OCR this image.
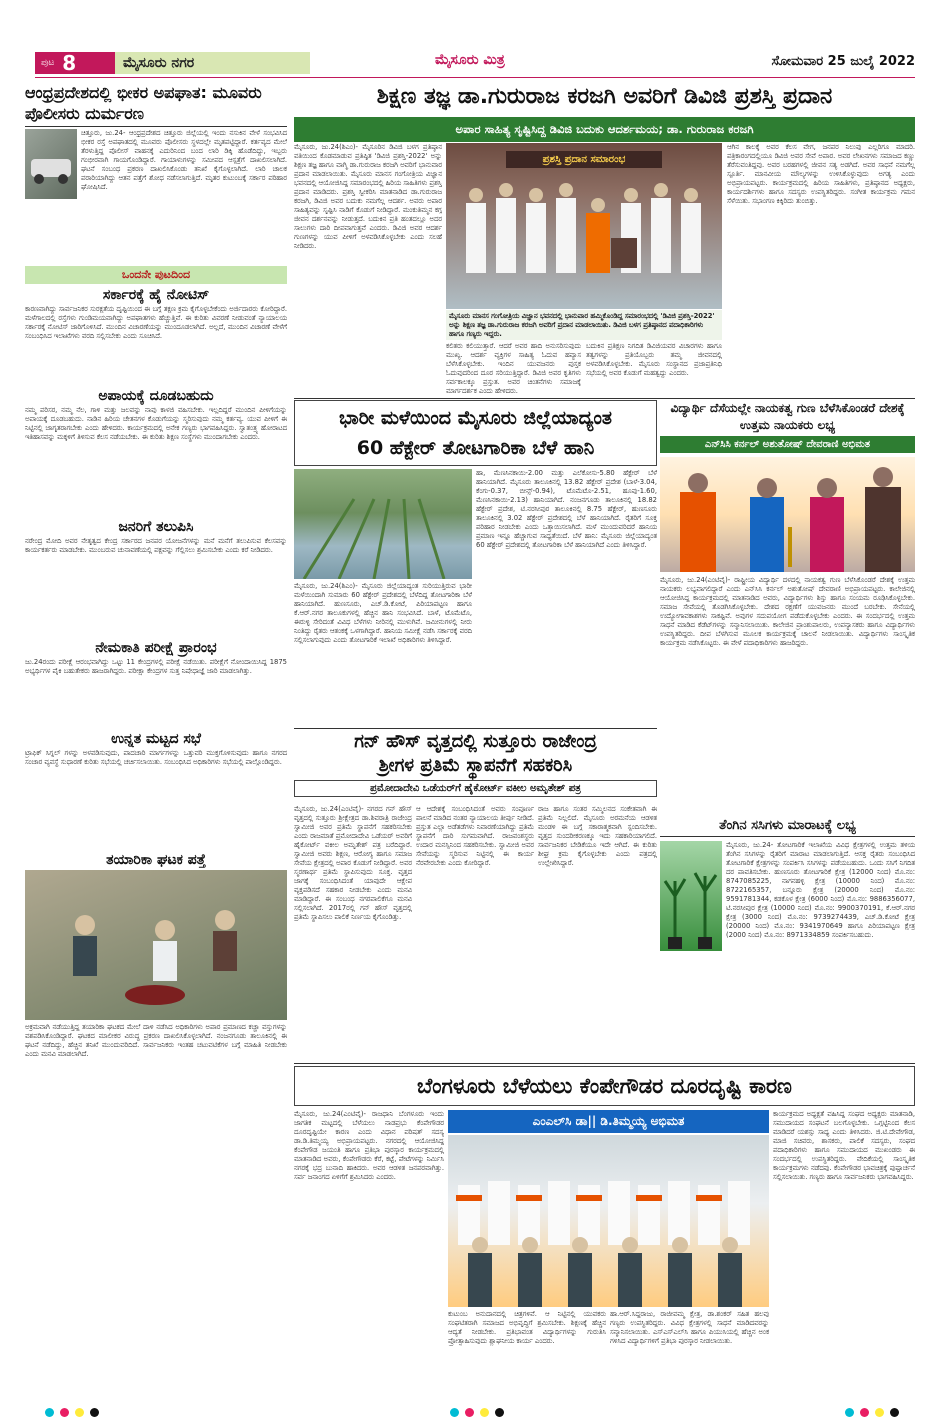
ಪುಟ 8	ಮೈಸೂರು ನಗರ	ಮೈಸೂರು ಮಿತ್ರ	ಸೋಮವಾರ 25 ಜುಲೈ 2022
ಆಂಧ್ರಪ್ರದೇಶದಲ್ಲಿ ಭೀಕರ ಅಪಘಾತ: ಮೂವರು ಪೊಲೀಸರು ದುರ್ಮರಣ
ಚಿತ್ತೂರು, ಜು.24- ಆಂಧ್ರಪ್ರದೇಶದ ಚಿತ್ತೂರು ಜಿಲ್ಲೆಯಲ್ಲಿ ಇಂದು ನಸುಕಿನ ವೇಳೆ ಸಂಭವಿಸಿದ ಭೀಕರ ರಸ್ತೆ ಅಪಘಾತದಲ್ಲಿ ಮೂವರು ಪೊಲೀಸರು ಸ್ಥಳದಲ್ಲೇ ಮೃತಪಟ್ಟಿದ್ದಾರೆ. ಕರ್ತವ್ಯದ ಮೇಲೆ ತೆರಳುತ್ತಿದ್ದ ಪೊಲೀಸ್ ವಾಹನಕ್ಕೆ ಎದುರಿನಿಂದ ಬಂದ ಲಾರಿ ಡಿಕ್ಕಿ ಹೊಡೆದಿದ್ದು, ಇಬ್ಬರು ಗಂಭೀರವಾಗಿ ಗಾಯಗೊಂಡಿದ್ದಾರೆ. ಗಾಯಾಳುಗಳನ್ನು ಸಮೀಪದ ಆಸ್ಪತ್ರೆಗೆ ದಾಖಲಿಸಲಾಗಿದೆ. ಘಟನೆ ಸಂಬಂಧ ಪ್ರಕರಣ ದಾಖಲಿಸಿಕೊಂಡು ತನಿಖೆ ಕೈಗೊಳ್ಳಲಾಗಿದೆ. ಲಾರಿ ಚಾಲಕ ಪರಾರಿಯಾಗಿದ್ದು ಆತನ ಪತ್ತೆಗೆ ಶೋಧ ನಡೆಸಲಾಗುತ್ತಿದೆ. ಮೃತರ ಕುಟುಂಬಕ್ಕೆ ಸರ್ಕಾರ ಪರಿಹಾರ ಘೋಷಿಸಿದೆ.
ಒಂದನೇ ಪುಟದಿಂದ
ಸರ್ಕಾರಕ್ಕೆ ಹೈ ನೋಟಿಸ್
ಕಾರಣವಾಗಿದ್ದು ಸಾರ್ವಜನಿಕರ ಸುರಕ್ಷತೆಯ ದೃಷ್ಟಿಯಿಂದ ಈ ಬಗ್ಗೆ ತಕ್ಷಣ ಕ್ರಮ ಕೈಗೊಳ್ಳಬೇಕೆಂದು ಅರ್ಜಿದಾರರು ಕೋರಿದ್ದಾರೆ. ಮಳೆಗಾಲದಲ್ಲಿ ರಸ್ತೆಗಳು ಗುಂಡಿಮಯವಾಗಿದ್ದು ಅಪಘಾತಗಳು ಹೆಚ್ಚುತ್ತಿವೆ. ಈ ಕುರಿತು ವಿವರಣೆ ನೀಡುವಂತೆ ನ್ಯಾಯಾಲಯ ಸರ್ಕಾರಕ್ಕೆ ನೋಟಿಸ್ ಜಾರಿಗೊಳಿಸಿದೆ. ಮುಂದಿನ ವಿಚಾರಣೆಯನ್ನು ಮುಂದೂಡಲಾಗಿದೆ. ಅಲ್ಲದೆ, ಮುಂದಿನ ವಿಚಾರಣೆ ವೇಳೆಗೆ ಸಂಬಂಧಿಸಿದ ಇಲಾಖೆಗಳು ವರದಿ ಸಲ್ಲಿಸಬೇಕು ಎಂದು ಸೂಚಿಸಿದೆ.
ಅಪಾಯಕ್ಕೆ ದೂಡಬಹುದು
ನಮ್ಮ ಪರಿಸರ, ನಮ್ಮ ನೆಲ, ಗಾಳಿ ಮತ್ತು ಜಲವನ್ನು ನಾವು ಕಾಳಜಿ ವಹಿಸಬೇಕು. ಇಲ್ಲದಿದ್ದರೆ ಮುಂದಿನ ಪೀಳಿಗೆಯನ್ನು ಅಪಾಯಕ್ಕೆ ದೂಡಬಹುದು. ನಾಡಿನ ಹಿರಿಯ ಚೇತನಗಳ ಕೊಡುಗೆಯನ್ನು ಸ್ಮರಿಸುವುದು ನಮ್ಮ ಕರ್ತವ್ಯ. ಯುವ ಪೀಳಿಗೆ ಈ ನಿಟ್ಟಿನಲ್ಲಿ ಜಾಗೃತರಾಗಬೇಕು ಎಂದು ಹೇಳಿದರು. ಕಾರ್ಯಕ್ರಮದಲ್ಲಿ ಅನೇಕ ಗಣ್ಯರು ಭಾಗವಹಿಸಿದ್ದರು. ಸ್ವಾತಂತ್ರ್ಯ ಹೋರಾಟದ ಇತಿಹಾಸವನ್ನು ಮಕ್ಕಳಿಗೆ ತಿಳಿಸುವ ಕೆಲಸ ನಡೆಯಬೇಕು. ಈ ಕುರಿತು ಶಿಕ್ಷಣ ಸಂಸ್ಥೆಗಳು ಮುಂದಾಗಬೇಕು ಎಂದರು.
ಜನರಿಗೆ ತಲುಪಿಸಿ
ನರೇಂದ್ರ ಮೋದಿ ಅವರ ನೇತೃತ್ವದ ಕೇಂದ್ರ ಸರ್ಕಾರದ ಜನಪರ ಯೋಜನೆಗಳನ್ನು ಮನೆ ಮನೆಗೆ ತಲುಪಿಸುವ ಕೆಲಸವನ್ನು ಕಾರ್ಯಕರ್ತರು ಮಾಡಬೇಕು. ಮುಂಬರುವ ಚುನಾವಣೆಯಲ್ಲಿ ಪಕ್ಷವನ್ನು ಗೆಲ್ಲಿಸಲು ಶ್ರಮಿಸಬೇಕು ಎಂದು ಕರೆ ನೀಡಿದರು.
ನೇಮಕಾತಿ ಪರೀಕ್ಷೆ ಪ್ರಾರಂಭ
ಜು.24ರಂದು ಪರೀಕ್ಷೆ ಆರಂಭವಾಗಿದ್ದು ಒಟ್ಟು 11 ಕೇಂದ್ರಗಳಲ್ಲಿ ಪರೀಕ್ಷೆ ನಡೆಯಿತು. ಪರೀಕ್ಷೆಗೆ ನೋಂದಾಯಿಸಿದ್ದ 1875 ಅಭ್ಯರ್ಥಿಗಳ ಪೈಕಿ ಬಹುತೇಕರು ಹಾಜರಾಗಿದ್ದರು. ಪರೀಕ್ಷಾ ಕೇಂದ್ರಗಳ ಸುತ್ತ ನಿಷೇಧಾಜ್ಞೆ ಜಾರಿ ಮಾಡಲಾಗಿತ್ತು.
ಉನ್ನತ ಮಟ್ಟದ ಸಭೆ
ಟ್ರಾಫಿಕ್ ಸಿಗ್ನಲ್ ಗಳನ್ನು ಅಳವಡಿಸುವುದು, ಪಾದಚಾರಿ ಮಾರ್ಗಗಳನ್ನು ಒತ್ತುವರಿ ಮುಕ್ತಗೊಳಿಸುವುದು ಹಾಗೂ ನಗರದ ಸಂಚಾರ ವ್ಯವಸ್ಥೆ ಸುಧಾರಣೆ ಕುರಿತು ಸಭೆಯಲ್ಲಿ ಚರ್ಚಿಸಲಾಯಿತು. ಸಂಬಂಧಿಸಿದ ಅಧಿಕಾರಿಗಳು ಸಭೆಯಲ್ಲಿ ಪಾಲ್ಗೊಂಡಿದ್ದರು.
ತಯಾರಿಕಾ ಘಟಕ ಪತ್ತೆ
ಅಕ್ರಮವಾಗಿ ನಡೆಯುತ್ತಿದ್ದ ತಯಾರಿಕಾ ಘಟಕದ ಮೇಲೆ ದಾಳಿ ನಡೆಸಿದ ಅಧಿಕಾರಿಗಳು ಅಪಾರ ಪ್ರಮಾಣದ ಕಚ್ಚಾ ವಸ್ತುಗಳನ್ನು ವಶಪಡಿಸಿಕೊಂಡಿದ್ದಾರೆ. ಘಟಕದ ಮಾಲೀಕರ ವಿರುದ್ಧ ಪ್ರಕರಣ ದಾಖಲಿಸಿಕೊಳ್ಳಲಾಗಿದೆ. ನಂಜನಗೂಡು ತಾಲೂಕಿನಲ್ಲಿ ಈ ಘಟನೆ ನಡೆದಿದ್ದು, ಹೆಚ್ಚಿನ ತನಿಖೆ ಮುಂದುವರಿದಿದೆ. ಸಾರ್ವಜನಿಕರು ಇಂತಹ ಚಟುವಟಿಕೆಗಳ ಬಗ್ಗೆ ಮಾಹಿತಿ ನೀಡಬೇಕು ಎಂದು ಮನವಿ ಮಾಡಲಾಗಿದೆ.
ಶಿಕ್ಷಣ ತಜ್ಞ ಡಾ.ಗುರುರಾಜ ಕರಜಗಿ ಅವರಿಗೆ ಡಿವಿಜಿ ಪ್ರಶಸ್ತಿ ಪ್ರದಾನ
ಅಪಾರ ಸಾಹಿತ್ಯ ಸೃಷ್ಟಿಸಿದ್ದ ಡಿವಿಜಿ ಬದುಕು ಆದರ್ಶಮಯ; ಡಾ. ಗುರುರಾಜ ಕರಜಗಿ
ಮೈಸೂರು, ಜು.24(ಶಿಎಂ)- ಮೈಸೂರಿನ ಡಿವಿಜಿ ಬಳಗ ಪ್ರತಿಷ್ಠಾನ ವತಿಯಿಂದ ಕೊಡಮಾಡುವ ಪ್ರತಿಷ್ಠಿತ 'ಡಿವಿಜಿ ಪ್ರಶಸ್ತಿ-2022' ಅನ್ನು ಶಿಕ್ಷಣ ತಜ್ಞ ಹಾಗೂ ವಾಗ್ಮಿ ಡಾ.ಗುರುರಾಜ ಕರಜಗಿ ಅವರಿಗೆ ಭಾನುವಾರ ಪ್ರದಾನ ಮಾಡಲಾಯಿತು. ಮೈಸೂರು ಮಾನಸ ಗಂಗೋತ್ರಿಯ ವಿಜ್ಞಾನ ಭವನದಲ್ಲಿ ಆಯೋಜಿಸಿದ್ದ ಸಮಾರಂಭದಲ್ಲಿ ಹಿರಿಯ ಸಾಹಿತಿಗಳು ಪ್ರಶಸ್ತಿ ಪ್ರದಾನ ಮಾಡಿದರು. ಪ್ರಶಸ್ತಿ ಸ್ವೀಕರಿಸಿ ಮಾತನಾಡಿದ ಡಾ.ಗುರುರಾಜ ಕರಜಗಿ, ಡಿವಿಜಿ ಅವರ ಬದುಕು ನಮಗೆಲ್ಲ ಆದರ್ಶ. ಅವರು ಅಪಾರ ಸಾಹಿತ್ಯವನ್ನು ಸೃಷ್ಟಿಸಿ ನಾಡಿಗೆ ಕೊಡುಗೆ ನೀಡಿದ್ದಾರೆ. ಮಂಕುತಿಮ್ಮನ ಕಗ್ಗ ಜೀವನ ದರ್ಶನವನ್ನು ನೀಡುತ್ತದೆ. ಬದುಕಿನ ಪ್ರತಿ ಹಂತದಲ್ಲೂ ಅದರ ಸಾಲುಗಳು ದಾರಿ ದೀಪವಾಗುತ್ತವೆ ಎಂದರು. ಡಿವಿಜಿ ಅವರ ಆದರ್ಶ ಗುಣಗಳನ್ನು ಯುವ ಪೀಳಿಗೆ ಅಳವಡಿಸಿಕೊಳ್ಳಬೇಕು ಎಂದು ಸಲಹೆ ನೀಡಿದರು.
ಪ್ರಶಸ್ತಿ ಪ್ರದಾನ ಸಮಾರಂಭ
ಮೈಸೂರು ಮಾನಸ ಗಂಗೋತ್ರಿಯ ವಿಜ್ಞಾನ ಭವನದಲ್ಲಿ ಭಾನುವಾರ ಹಮ್ಮಿಕೊಂಡಿದ್ದ ಸಮಾರಂಭದಲ್ಲಿ 'ಡಿವಿಜಿ ಪ್ರಶಸ್ತಿ-2022' ಅನ್ನು ಶಿಕ್ಷಣ ತಜ್ಞ ಡಾ.ಗುರುರಾಜ ಕರಜಗಿ ಅವರಿಗೆ ಪ್ರದಾನ ಮಾಡಲಾಯಿತು. ಡಿವಿಜಿ ಬಳಗ ಪ್ರತಿಷ್ಠಾನದ ಪದಾಧಿಕಾರಿಗಳು ಹಾಗೂ ಗಣ್ಯರು ಇದ್ದರು.
ಕಲಿತರು ಕಲಿಯುತ್ತಾರೆ. ಆದರೆ ಅವರ ಹಾದಿ ಅನುಸರಿಸುವುದು ಮುಖ್ಯ. ಆದರ್ಶ ವ್ಯಕ್ತಿಗಳ ಸಾಹಿತ್ಯ ಓದುವ ಹವ್ಯಾಸ ಬೆಳೆಸಿಕೊಳ್ಳಬೇಕು. ಇಂದಿನ ಯುವಜನರು ಪುಸ್ತಕ ಓದುವುದರಿಂದ ದೂರ ಸರಿಯುತ್ತಿದ್ದಾರೆ. ಡಿವಿಜಿ ಅವರ ಕೃತಿಗಳು ಸರ್ವಕಾಲಕ್ಕೂ ಪ್ರಸ್ತುತ. ಅವರ ಚಿಂತನೆಗಳು ಸಮಾಜಕ್ಕೆ ಮಾರ್ಗದರ್ಶಕ ಎಂದು ಹೇಳಿದರು.
ಬದುಕಿನ ಪ್ರತಿಕ್ಷಣ ನಿಗದಿತ ಡಿವಿಜಿಯವರ ವಿಚಾರಗಳು ಹಾಗೂ ತತ್ವಗಳನ್ನು ಪ್ರತಿಯೊಬ್ಬರು ತಮ್ಮ ಜೀವನದಲ್ಲಿ ಅಳವಡಿಸಿಕೊಳ್ಳಬೇಕು. ಮೈಸೂರು ಸಂಸ್ಥಾನದ ಪ್ರಜಾಪ್ರತಿನಿಧಿ ಸಭೆಯಲ್ಲಿ ಅವರ ಕೊಡುಗೆ ಮಹತ್ವದ್ದು ಎಂದರು.
ಆಗಿನ ಕಾಲಕ್ಕೆ ಅವರ ಕೆಲಸ ವೇಗ, ಜನಪರ ನಿಲುವು ಎಲ್ಲರಿಗೂ ಮಾದರಿ. ಪತ್ರಿಕಾರಂಗದಲ್ಲಿಯೂ ಡಿವಿಜಿ ಅವರ ಸೇವೆ ಅಪಾರ. ಅವರ ಲೇಖನಗಳು ಸಮಾಜದ ಕಣ್ಣು ತೆರೆಸುವಂತಿದ್ದವು. ಅವರ ಬರಹಗಳಲ್ಲಿ ಜೀವನ ಸತ್ಯ ಅಡಗಿದೆ. ಅವರ ಸಾಧನೆ ನಮಗೆಲ್ಲ ಸ್ಪೂರ್ತಿ. ಮಾನವೀಯ ಮೌಲ್ಯಗಳನ್ನು ಉಳಿಸಿಕೊಳ್ಳುವುದು ಅಗತ್ಯ ಎಂದು ಅಭಿಪ್ರಾಯಪಟ್ಟರು. ಕಾರ್ಯಕ್ರಮದಲ್ಲಿ ಹಿರಿಯ ಸಾಹಿತಿಗಳು, ಪ್ರತಿಷ್ಠಾನದ ಅಧ್ಯಕ್ಷರು, ಕಾರ್ಯದರ್ಶಿಗಳು ಹಾಗೂ ಸದಸ್ಯರು ಉಪಸ್ಥಿತರಿದ್ದರು. ಸಂಗೀತ ಕಾರ್ಯಕ್ರಮ ಗಮನ ಸೆಳೆಯಿತು. ಸಭಾಂಗಣ ಕಿಕ್ಕಿರಿದು ತುಂಬಿತ್ತು.
ಭಾರೀ ಮಳೆಯಿಂದ ಮೈಸೂರು ಜಿಲ್ಲೆಯಾದ್ಯಂತ
60 ಹೆಕ್ಟೇರ್ ತೋಟಗಾರಿಕಾ ಬೆಳೆ ಹಾನಿ
ಮೈಸೂರು, ಜು.24(ಶಿಎಂ)- ಮೈಸೂರು ಜಿಲ್ಲೆಯಾದ್ಯಂತ ಸುರಿಯುತ್ತಿರುವ ಭಾರೀ ಮಳೆಯಿಂದಾಗಿ ಸುಮಾರು 60 ಹೆಕ್ಟೇರ್ ಪ್ರದೇಶದಲ್ಲಿ ಬೆಳೆದಿದ್ದ ತೋಟಗಾರಿಕಾ ಬೆಳೆ ಹಾನಿಯಾಗಿದೆ. ಹುಣಸೂರು, ಎಚ್.ಡಿ.ಕೋಟೆ, ಪಿರಿಯಾಪಟ್ಟಣ ಹಾಗೂ ಕೆ.ಆರ್.ನಗರ ತಾಲೂಕುಗಳಲ್ಲಿ ಹೆಚ್ಚಿನ ಹಾನಿ ಸಂಭವಿಸಿದೆ. ಬಾಳೆ, ಟೊಮೆಟೊ, ಈರುಳ್ಳಿ ಸೇರಿದಂತೆ ವಿವಿಧ ಬೆಳೆಗಳು ನೀರಿನಲ್ಲಿ ಮುಳುಗಿವೆ. ಜಮೀನುಗಳಲ್ಲಿ ನೀರು ನಿಂತಿದ್ದು ರೈತರು ಆತಂಕಕ್ಕೆ ಒಳಗಾಗಿದ್ದಾರೆ. ಹಾನಿಯ ಸಮೀಕ್ಷೆ ನಡೆಸಿ ಸರ್ಕಾರಕ್ಕೆ ವರದಿ ಸಲ್ಲಿಸಲಾಗುವುದು ಎಂದು ತೋಟಗಾರಿಕೆ ಇಲಾಖೆ ಅಧಿಕಾರಿಗಳು ತಿಳಿಸಿದ್ದಾರೆ.
ಹಾ, ಮೆಣಸಿನಕಾಯಿ-2.00 ಮತ್ತು ಎಲೆಕೋಸು-5.80 ಹೆಕ್ಟೇರ್ ಬೆಳೆ ಹಾನಿಯಾಗಿದೆ. ಮೈಸೂರು ತಾಲೂಕಿನಲ್ಲಿ 13.82 ಹೆಕ್ಟೇರ್ ಪ್ರದೇಶ (ಬಾಳೆ-3.04, ಕೆಂಗು-0.37, ಬೀನ್ಸ್-0.94), ಟೊಮೆಟೊ-2.51, ಹೂವು-1.60, ಮೆಣಸಿನಕಾಯಿ-2.13) ಹಾನಿಯಾಗಿದೆ. ನಂಜನಗೂಡು ತಾಲೂಕಿನಲ್ಲಿ 18.82 ಹೆಕ್ಟೇರ್ ಪ್ರದೇಶ, ಟಿ.ನರಸೀಪುರ ತಾಲೂಕಿನಲ್ಲಿ 8.75 ಹೆಕ್ಟೇರ್, ಹುಣಸೂರು ತಾಲೂಕಿನಲ್ಲಿ 3.02 ಹೆಕ್ಟೇರ್ ಪ್ರದೇಶದಲ್ಲಿ ಬೆಳೆ ಹಾನಿಯಾಗಿದೆ. ರೈತರಿಗೆ ಸೂಕ್ತ ಪರಿಹಾರ ನೀಡಬೇಕು ಎಂದು ಒತ್ತಾಯಿಸಲಾಗಿದೆ. ಮಳೆ ಮುಂದುವರಿದರೆ ಹಾನಿಯ ಪ್ರಮಾಣ ಇನ್ನೂ ಹೆಚ್ಚಾಗುವ ಸಾಧ್ಯತೆಯಿದೆ. ಬೆಳೆ ಹಾನಿ: ಮೈಸೂರು ಜಿಲ್ಲೆಯಾದ್ಯಂತ 60 ಹೆಕ್ಟೇರ್ ಪ್ರದೇಶದಲ್ಲಿ ತೋಟಗಾರಿಕಾ ಬೆಳೆ ಹಾನಿಯಾಗಿದೆ ಎಂದು ತಿಳಿಸಿದ್ದಾರೆ.
ವಿದ್ಯಾರ್ಥಿ ದೆಸೆಯಲ್ಲೇ ನಾಯಕತ್ವ ಗುಣ ಬೆಳೆಸಿಕೊಂಡರೆ ದೇಶಕ್ಕೆ ಉತ್ತಮ ನಾಯಕರು ಲಭ್ಯ
ಎನ್‌ಸಿಸಿ ಕರ್ನಲ್ ಅಶುತೋಷ್ ದೇವರಾಣಿ ಅಭಿಮತ
ಮೈಸೂರು, ಜು.24(ಎಂಟಿವೈ)- ರಾಷ್ಟ್ರೀಯ ವಿದ್ಯಾರ್ಥಿ ದಳದಲ್ಲಿ ನಾಯಕತ್ವ ಗುಣ ಬೆಳೆಸಿಕೊಂಡರೆ ದೇಶಕ್ಕೆ ಉತ್ತಮ ನಾಯಕರು ಲಭ್ಯವಾಗಲಿದ್ದಾರೆ ಎಂದು ಎನ್‌ಸಿಸಿ ಕರ್ನಲ್ ಅಶುತೋಷ್ ದೇವರಾಣಿ ಅಭಿಪ್ರಾಯಪಟ್ಟರು. ಕಾಲೇಜಿನಲ್ಲಿ ಆಯೋಜಿಸಿದ್ದ ಕಾರ್ಯಕ್ರಮದಲ್ಲಿ ಮಾತನಾಡಿದ ಅವರು, ವಿದ್ಯಾರ್ಥಿಗಳು ಶಿಸ್ತು ಹಾಗೂ ಸಂಯಮ ರೂಢಿಸಿಕೊಳ್ಳಬೇಕು. ಸಮಾಜ ಸೇವೆಯಲ್ಲಿ ತೊಡಗಿಸಿಕೊಳ್ಳಬೇಕು. ದೇಶದ ರಕ್ಷಣೆಗೆ ಯುವಜನರು ಮುಂದೆ ಬರಬೇಕು. ಸೇನೆಯಲ್ಲಿ ಉದ್ಯೋಗಾವಕಾಶಗಳು ಸಾಕಷ್ಟಿವೆ. ಅವುಗಳ ಸದುಪಯೋಗ ಪಡೆದುಕೊಳ್ಳಬೇಕು ಎಂದರು. ಈ ಸಂದರ್ಭದಲ್ಲಿ ಉತ್ತಮ ಸಾಧನೆ ಮಾಡಿದ ಕೆಡೆಟ್‌ಗಳನ್ನು ಸನ್ಮಾನಿಸಲಾಯಿತು. ಕಾಲೇಜಿನ ಪ್ರಾಂಶುಪಾಲರು, ಉಪನ್ಯಾಸಕರು ಹಾಗೂ ವಿದ್ಯಾರ್ಥಿಗಳು ಉಪಸ್ಥಿತರಿದ್ದರು. ದೀಪ ಬೆಳಗಿಸುವ ಮೂಲಕ ಕಾರ್ಯಕ್ರಮಕ್ಕೆ ಚಾಲನೆ ನೀಡಲಾಯಿತು. ವಿದ್ಯಾರ್ಥಿಗಳು ಸಾಂಸ್ಕೃತಿಕ ಕಾರ್ಯಕ್ರಮ ನಡೆಸಿಕೊಟ್ಟರು. ಈ ವೇಳೆ ಪದಾಧಿಕಾರಿಗಳು ಹಾಜರಿದ್ದರು.
ಗನ್ ಹೌಸ್ ವೃತ್ತದಲ್ಲಿ ಸುತ್ತೂರು ರಾಜೇಂದ್ರ
ಶ್ರೀಗಳ ಪ್ರತಿಮೆ ಸ್ಥಾಪನೆಗೆ ಸಹಕರಿಸಿ
ಪ್ರಮೋದಾದೇವಿ ಒಡೆಯರ್‌ಗೆ ಹೈಕೋರ್ಟ್ ವಕೀಲ ಅಮೃತೇಶ್ ಪತ್ರ
ಮೈಸೂರು, ಜು.24(ಎಂಟಿವೈ)- ನಗರದ ಗನ್ ಹೌಸ್ ವೃತ್ತದಲ್ಲಿ ಸುತ್ತೂರು ಶ್ರೀಕ್ಷೇತ್ರದ ಡಾ.ಶಿವರಾತ್ರಿ ರಾಜೇಂದ್ರ ಸ್ವಾಮೀಜಿ ಅವರ ಪ್ರತಿಮೆ ಸ್ಥಾಪನೆಗೆ ಸಹಕರಿಸಬೇಕು ಎಂದು ರಾಜಮಾತೆ ಪ್ರಮೋದಾದೇವಿ ಒಡೆಯರ್ ಅವರಿಗೆ ಹೈಕೋರ್ಟ್ ವಕೀಲ ಅಮೃತೇಶ್ ಪತ್ರ ಬರೆದಿದ್ದಾರೆ. ಸ್ವಾಮೀಜಿ ಅವರು ಶಿಕ್ಷಣ, ಆರೋಗ್ಯ ಹಾಗೂ ಸಮಾಜ ಸೇವೆಯ ಕ್ಷೇತ್ರದಲ್ಲಿ ಅಪಾರ ಕೊಡುಗೆ ನೀಡಿದ್ದಾರೆ. ಅವರ ಸ್ಮರಣಾರ್ಥ ಪ್ರತಿಮೆ ಸ್ಥಾಪಿಸುವುದು ಸೂಕ್ತ. ವೃತ್ತದ ಜಾಗಕ್ಕೆ ಸಂಬಂಧಿಸಿದಂತೆ ಯಾವುದೇ ಆಕ್ಷೇಪ ವ್ಯಕ್ತಪಡಿಸದೆ ಸಹಕಾರ ನೀಡಬೇಕು ಎಂದು ಮನವಿ ಮಾಡಿದ್ದಾರೆ. ಈ ಸಂಬಂಧ ನಗರಪಾಲಿಕೆಗೂ ಮನವಿ ಸಲ್ಲಿಸಲಾಗಿದೆ. 2017ರಲ್ಲಿ ಗನ್ ಹೌಸ್ ವೃತ್ತದಲ್ಲಿ ಪ್ರತಿಮೆ ಸ್ಥಾಪಿಸಲು ಪಾಲಿಕೆ ನಿರ್ಣಯ ಕೈಗೊಂಡಿತ್ತು.
ಆ ಆದೇಶಕ್ಕೆ ಸಂಬಂಧಿಸಿದಂತೆ ಅವರು ಸಂಪೂರ್ಣ ಪಾಲನೆ ಮಾಡಿದ ನಂತರ ನ್ಯಾಯಾಲಯ ತೀರ್ಪು ನೀಡಿದೆ. ಪ್ರಸ್ತುತ ಎಲ್ಲಾ ಅಡೆತಡೆಗಳು ನಿವಾರಣೆಯಾಗಿದ್ದು ಪ್ರತಿಮೆ ಸ್ಥಾಪನೆಗೆ ದಾರಿ ಸುಗಮವಾಗಿದೆ. ರಾಜವಂಶಸ್ಥರು ಉದಾರ ಮನಸ್ಸಿನಿಂದ ಸಹಕರಿಸಬೇಕು. ಸ್ವಾಮೀಜಿ ಅವರ ಸೇವೆಯನ್ನು ಸ್ಮರಿಸುವ ನಿಟ್ಟಿನಲ್ಲಿ ಈ ಕಾರ್ಯ ನೆರವೇರಬೇಕು ಎಂದು ಕೋರಿದ್ದಾರೆ.
ರಾಜ ಹಾಗೂ ಸಂತರ ಸಮ್ಮಿಲನದ ಸಂಕೇತವಾಗಿ ಈ ಪ್ರತಿಮೆ ನಿಲ್ಲಲಿದೆ. ಮೈಸೂರು ಅರಮನೆಯ ಆಡಳಿತ ಮಂಡಳಿ ಈ ಬಗ್ಗೆ ಸಕಾರಾತ್ಮಕವಾಗಿ ಸ್ಪಂದಿಸಬೇಕು. ವೃತ್ತದ ಸುಂದರೀಕರಣಕ್ಕೂ ಇದು ಸಹಕಾರಿಯಾಗಲಿದೆ. ಸಾರ್ವಜನಿಕರ ಬೇಡಿಕೆಯೂ ಇದೇ ಆಗಿದೆ. ಈ ಕುರಿತು ಶೀಘ್ರ ಕ್ರಮ ಕೈಗೊಳ್ಳಬೇಕು ಎಂದು ಪತ್ರದಲ್ಲಿ ಉಲ್ಲೇಖಿಸಿದ್ದಾರೆ.
ತೆಂಗಿನ ಸಸಿಗಳು ಮಾರಾಟಕ್ಕೆ ಲಭ್ಯ
ಮೈಸೂರು, ಜು.24- ತೋಟಗಾರಿಕೆ ಇಲಾಖೆಯ ವಿವಿಧ ಕ್ಷೇತ್ರಗಳಲ್ಲಿ ಉತ್ತಮ ತಳಿಯ ತೆಂಗಿನ ಸಸಿಗಳನ್ನು ರೈತರಿಗೆ ಮಾರಾಟ ಮಾಡಲಾಗುತ್ತಿದೆ. ಆಸಕ್ತ ರೈತರು ಸಂಬಂಧಿಸಿದ ತೋಟಗಾರಿಕೆ ಕ್ಷೇತ್ರಗಳನ್ನು ಸಂಪರ್ಕಿಸಿ ಸಸಿಗಳನ್ನು ಪಡೆಯಬಹುದು. ಒಂದು ಸಸಿಗೆ ನಿಗದಿತ ದರ ಪಾವತಿಸಬೇಕು. ಹುಣಸೂರು ತೋಟಗಾರಿಕೆ ಕ್ಷೇತ್ರ (12000 ನಿಂದ) ಮೊ.ನಂ: 8747085225, ನಾಗನಹಳ್ಳಿ ಕ್ಷೇತ್ರ (10000 ನಿಂದ) ಮೊ.ನಂ: 8722165357, ಬನ್ನೂರು ಕ್ಷೇತ್ರ (20000 ನಿಂದ) ಮೊ.ನಂ: 9591781344, ಕಡಕೊಳ ಕ್ಷೇತ್ರ (6000 ನಿಂದ) ಮೊ.ನಂ: 9886356077, ಟಿ.ನರಸೀಪುರ ಕ್ಷೇತ್ರ (10000 ನಿಂದ) ಮೊ.ನಂ: 9900370191, ಕೆ.ಆರ್.ನಗರ ಕ್ಷೇತ್ರ (3000 ನಿಂದ) ಮೊ.ನಂ: 9739274439, ಎಚ್.ಡಿ.ಕೋಟೆ ಕ್ಷೇತ್ರ (20000 ನಿಂದ) ಮೊ.ನಂ: 9341970649 ಹಾಗೂ ಪಿರಿಯಾಪಟ್ಟಣ ಕ್ಷೇತ್ರ (2000 ನಿಂದ) ಮೊ.ನಂ: 8971334859 ಸಂಪರ್ಕಿಸಬಹುದು.
ಬೆಂಗಳೂರು ಬೆಳೆಯಲು ಕೆಂಪೇಗೌಡರ ದೂರದೃಷ್ಟಿ ಕಾರಣ
ಮೈಸೂರು, ಜು.24(ಎಂಟಿವೈ)- ರಾಜಧಾನಿ ಬೆಂಗಳೂರು ಇಂದು ಜಾಗತಿಕ ಮಟ್ಟದಲ್ಲಿ ಬೆಳೆಯಲು ನಾಡಪ್ರಭು ಕೆಂಪೇಗೌಡರ ದೂರದೃಷ್ಟಿಯೇ ಕಾರಣ ಎಂದು ವಿಧಾನ ಪರಿಷತ್ ಸದಸ್ಯ ಡಾ.ಡಿ.ತಿಮ್ಮಯ್ಯ ಅಭಿಪ್ರಾಯಪಟ್ಟರು. ನಗರದಲ್ಲಿ ಆಯೋಜಿಸಿದ್ದ ಕೆಂಪೇಗೌಡ ಜಯಂತಿ ಹಾಗೂ ಪ್ರತಿಭಾ ಪುರಸ್ಕಾರ ಕಾರ್ಯಕ್ರಮದಲ್ಲಿ ಮಾತನಾಡಿದ ಅವರು, ಕೆಂಪೇಗೌಡರು ಕೆರೆ, ಕಟ್ಟೆ, ಪೇಟೆಗಳನ್ನು ನಿರ್ಮಿಸಿ ನಗರಕ್ಕೆ ಭದ್ರ ಬುನಾದಿ ಹಾಕಿದರು. ಅವರ ಆಡಳಿತ ಜನಪರವಾಗಿತ್ತು. ಸರ್ವ ಜನಾಂಗದ ಏಳಿಗೆಗೆ ಶ್ರಮಿಸಿದರು ಎಂದರು.
ಎಂಎಲ್‌ಸಿ ಡಾ|| ಡಿ.ತಿಮ್ಮಯ್ಯ ಅಭಿಮತ
ಕುಟುಂಬ ಅನುದಾನದಲ್ಲಿ ಚಿತ್ರಗಳಿವೆ. ಆ ನಿಟ್ಟಿನಲ್ಲಿ ಯುವಕರು ಸಂಘಟಿತರಾಗಿ ಸಮಾಜದ ಅಭಿವೃದ್ಧಿಗೆ ಶ್ರಮಿಸಬೇಕು. ಶಿಕ್ಷಣಕ್ಕೆ ಹೆಚ್ಚಿನ ಆದ್ಯತೆ ನೀಡಬೇಕು. ಪ್ರತಿಭಾವಂತ ವಿದ್ಯಾರ್ಥಿಗಳನ್ನು ಗುರುತಿಸಿ ಪ್ರೋತ್ಸಾಹಿಸುವುದು ಶ್ಲಾಘನೀಯ ಕಾರ್ಯ ಎಂದರು.
ಹಾ.ಆರ್.ಸಿದ್ದರಾಜು, ರಾಜೀವಮ್ಮ ಕ್ಷೇತ್ರ, ಡಾ.ಶಂಕರ್ ಸಹಿತ ಹಲವು ಗಣ್ಯರು ಉಪಸ್ಥಿತರಿದ್ದರು. ವಿವಿಧ ಕ್ಷೇತ್ರಗಳಲ್ಲಿ ಸಾಧನೆ ಮಾಡಿದವರನ್ನು ಸನ್ಮಾನಿಸಲಾಯಿತು. ಎಸ್ಎಸ್ಎಲ್‌ಸಿ ಹಾಗೂ ಪಿಯುಸಿಯಲ್ಲಿ ಹೆಚ್ಚಿನ ಅಂಕ ಗಳಿಸಿದ ವಿದ್ಯಾರ್ಥಿಗಳಿಗೆ ಪ್ರತಿಭಾ ಪುರಸ್ಕಾರ ನೀಡಲಾಯಿತು.
ಕಾರ್ಯಕ್ರಮದ ಅಧ್ಯಕ್ಷತೆ ವಹಿಸಿದ್ದ ಸಂಘದ ಅಧ್ಯಕ್ಷರು ಮಾತನಾಡಿ, ಸಮುದಾಯದ ಸಂಘಟನೆ ಬಲಗೊಳ್ಳಬೇಕು. ಒಗ್ಗಟ್ಟಿನಿಂದ ಕೆಲಸ ಮಾಡಿದರೆ ಯಶಸ್ಸು ಸಾಧ್ಯ ಎಂದು ತಿಳಿಸಿದರು. ಜಿ.ಟಿ.ದೇವೇಗೌಡ, ಮಾಜಿ ಸಚಿವರು, ಶಾಸಕರು, ಪಾಲಿಕೆ ಸದಸ್ಯರು, ಸಂಘದ ಪದಾಧಿಕಾರಿಗಳು ಹಾಗೂ ಸಮುದಾಯದ ಮುಖಂಡರು ಈ ಸಂದರ್ಭದಲ್ಲಿ ಉಪಸ್ಥಿತರಿದ್ದರು. ವೇದಿಕೆಯಲ್ಲಿ ಸಾಂಸ್ಕೃತಿಕ ಕಾರ್ಯಕ್ರಮಗಳು ನಡೆದವು. ಕೆಂಪೇಗೌಡರ ಭಾವಚಿತ್ರಕ್ಕೆ ಪುಷ್ಪಾರ್ಚನೆ ಸಲ್ಲಿಸಲಾಯಿತು. ಗಣ್ಯರು ಹಾಗೂ ಸಾರ್ವಜನಿಕರು ಭಾಗವಹಿಸಿದ್ದರು.
